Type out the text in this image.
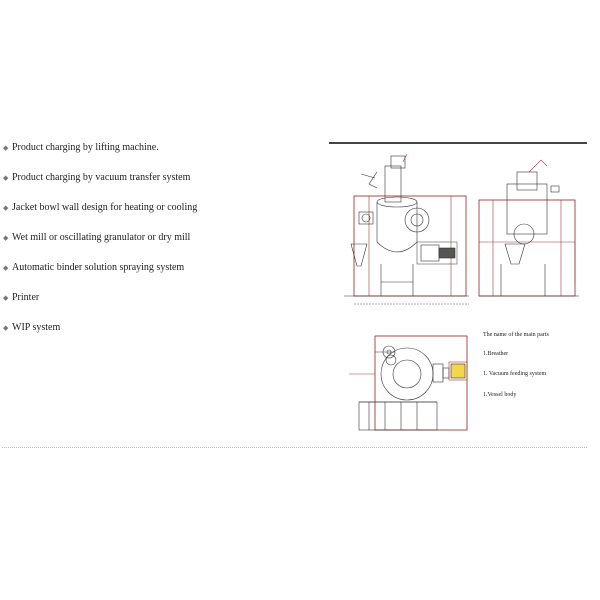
◆ Product charging by lifting machine.
◆ Product charging by vacuum transfer system
◆ Jacket bowl wall design for heating or cooling
◆ Wet mill or oscillating granulator or dry mill
◆ Automatic binder solution spraying system
◆ Printer
◆ WIP system
The name of the main parts
1.Breather
1. Vacuum feeding system
1.Vessel body
